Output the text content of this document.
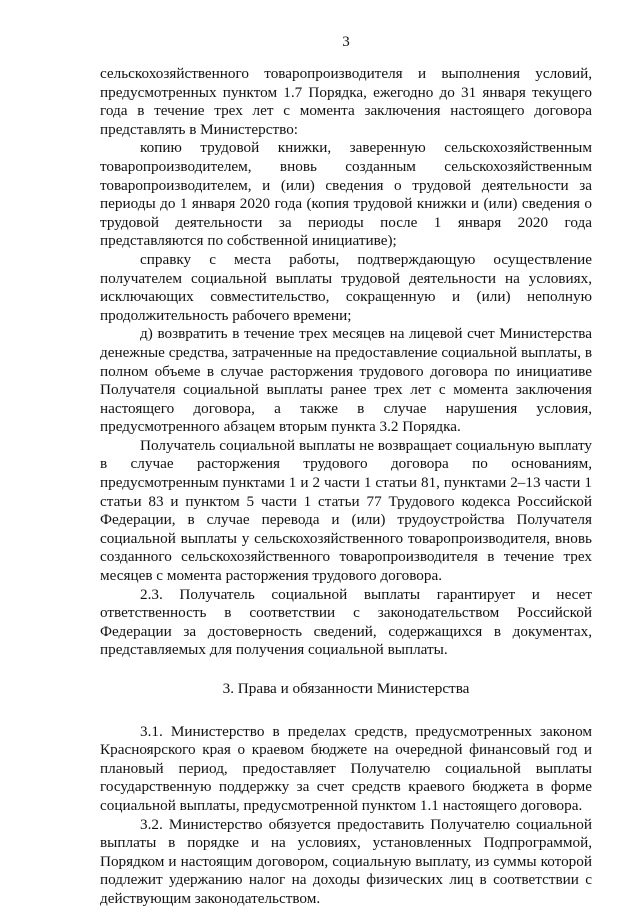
3

сельскохозяйственного товаропроизводителя и выполнения условий, предусмотренных пунктом 1.7 Порядка, ежегодно до 31 января текущего года в течение трех лет с момента заключения настоящего договора представлять в Министерство:

копию трудовой книжки, заверенную сельскохозяйственным товаропроизводителем, вновь созданным сельскохозяйственным товаропроизводителем, и (или) сведения о трудовой деятельности за периоды до 1 января 2020 года (копия трудовой книжки и (или) сведения о трудовой деятельности за периоды после 1 января 2020 года представляются по собственной инициативе);

справку с места работы, подтверждающую осуществление получателем социальной выплаты трудовой деятельности на условиях, исключающих совместительство, сокращенную и (или) неполную продолжительность рабочего времени;

д) возвратить в течение трех месяцев на лицевой счет Министерства денежные средства, затраченные на предоставление социальной выплаты, в полном объеме в случае расторжения трудового договора по инициативе Получателя социальной выплаты ранее трех лет с момента заключения настоящего договора, а также в случае нарушения условия, предусмотренного абзацем вторым пункта 3.2 Порядка.

Получатель социальной выплаты не возвращает социальную выплату в случае расторжения трудового договора по основаниям, предусмотренным пунктами 1 и 2 части 1 статьи 81, пунктами 2–13 части 1 статьи 83 и пунктом 5 части 1 статьи 77 Трудового кодекса Российской Федерации, в случае перевода и (или) трудоустройства Получателя социальной выплаты у сельскохозяйственного товаропроизводителя, вновь созданного сельскохозяйственного товаропроизводителя в течение трех месяцев с момента расторжения трудового договора.

2.3. Получатель социальной выплаты гарантирует и несет ответственность в соответствии с законодательством Российской Федерации за достоверность сведений, содержащихся в документах, представляемых для получения социальной выплаты.

3. Права и обязанности Министерства

3.1. Министерство в пределах средств, предусмотренных законом Красноярского края о краевом бюджете на очередной финансовый год и плановый период, предоставляет Получателю социальной выплаты государственную поддержку за счет средств краевого бюджета в форме социальной выплаты, предусмотренной пунктом 1.1 настоящего договора.

3.2. Министерство обязуется предоставить Получателю социальной выплаты в порядке и на условиях, установленных Подпрограммой, Порядком и настоящим договором, социальную выплату, из суммы которой подлежит удержанию налог на доходы физических лиц в соответствии с действующим законодательством.
